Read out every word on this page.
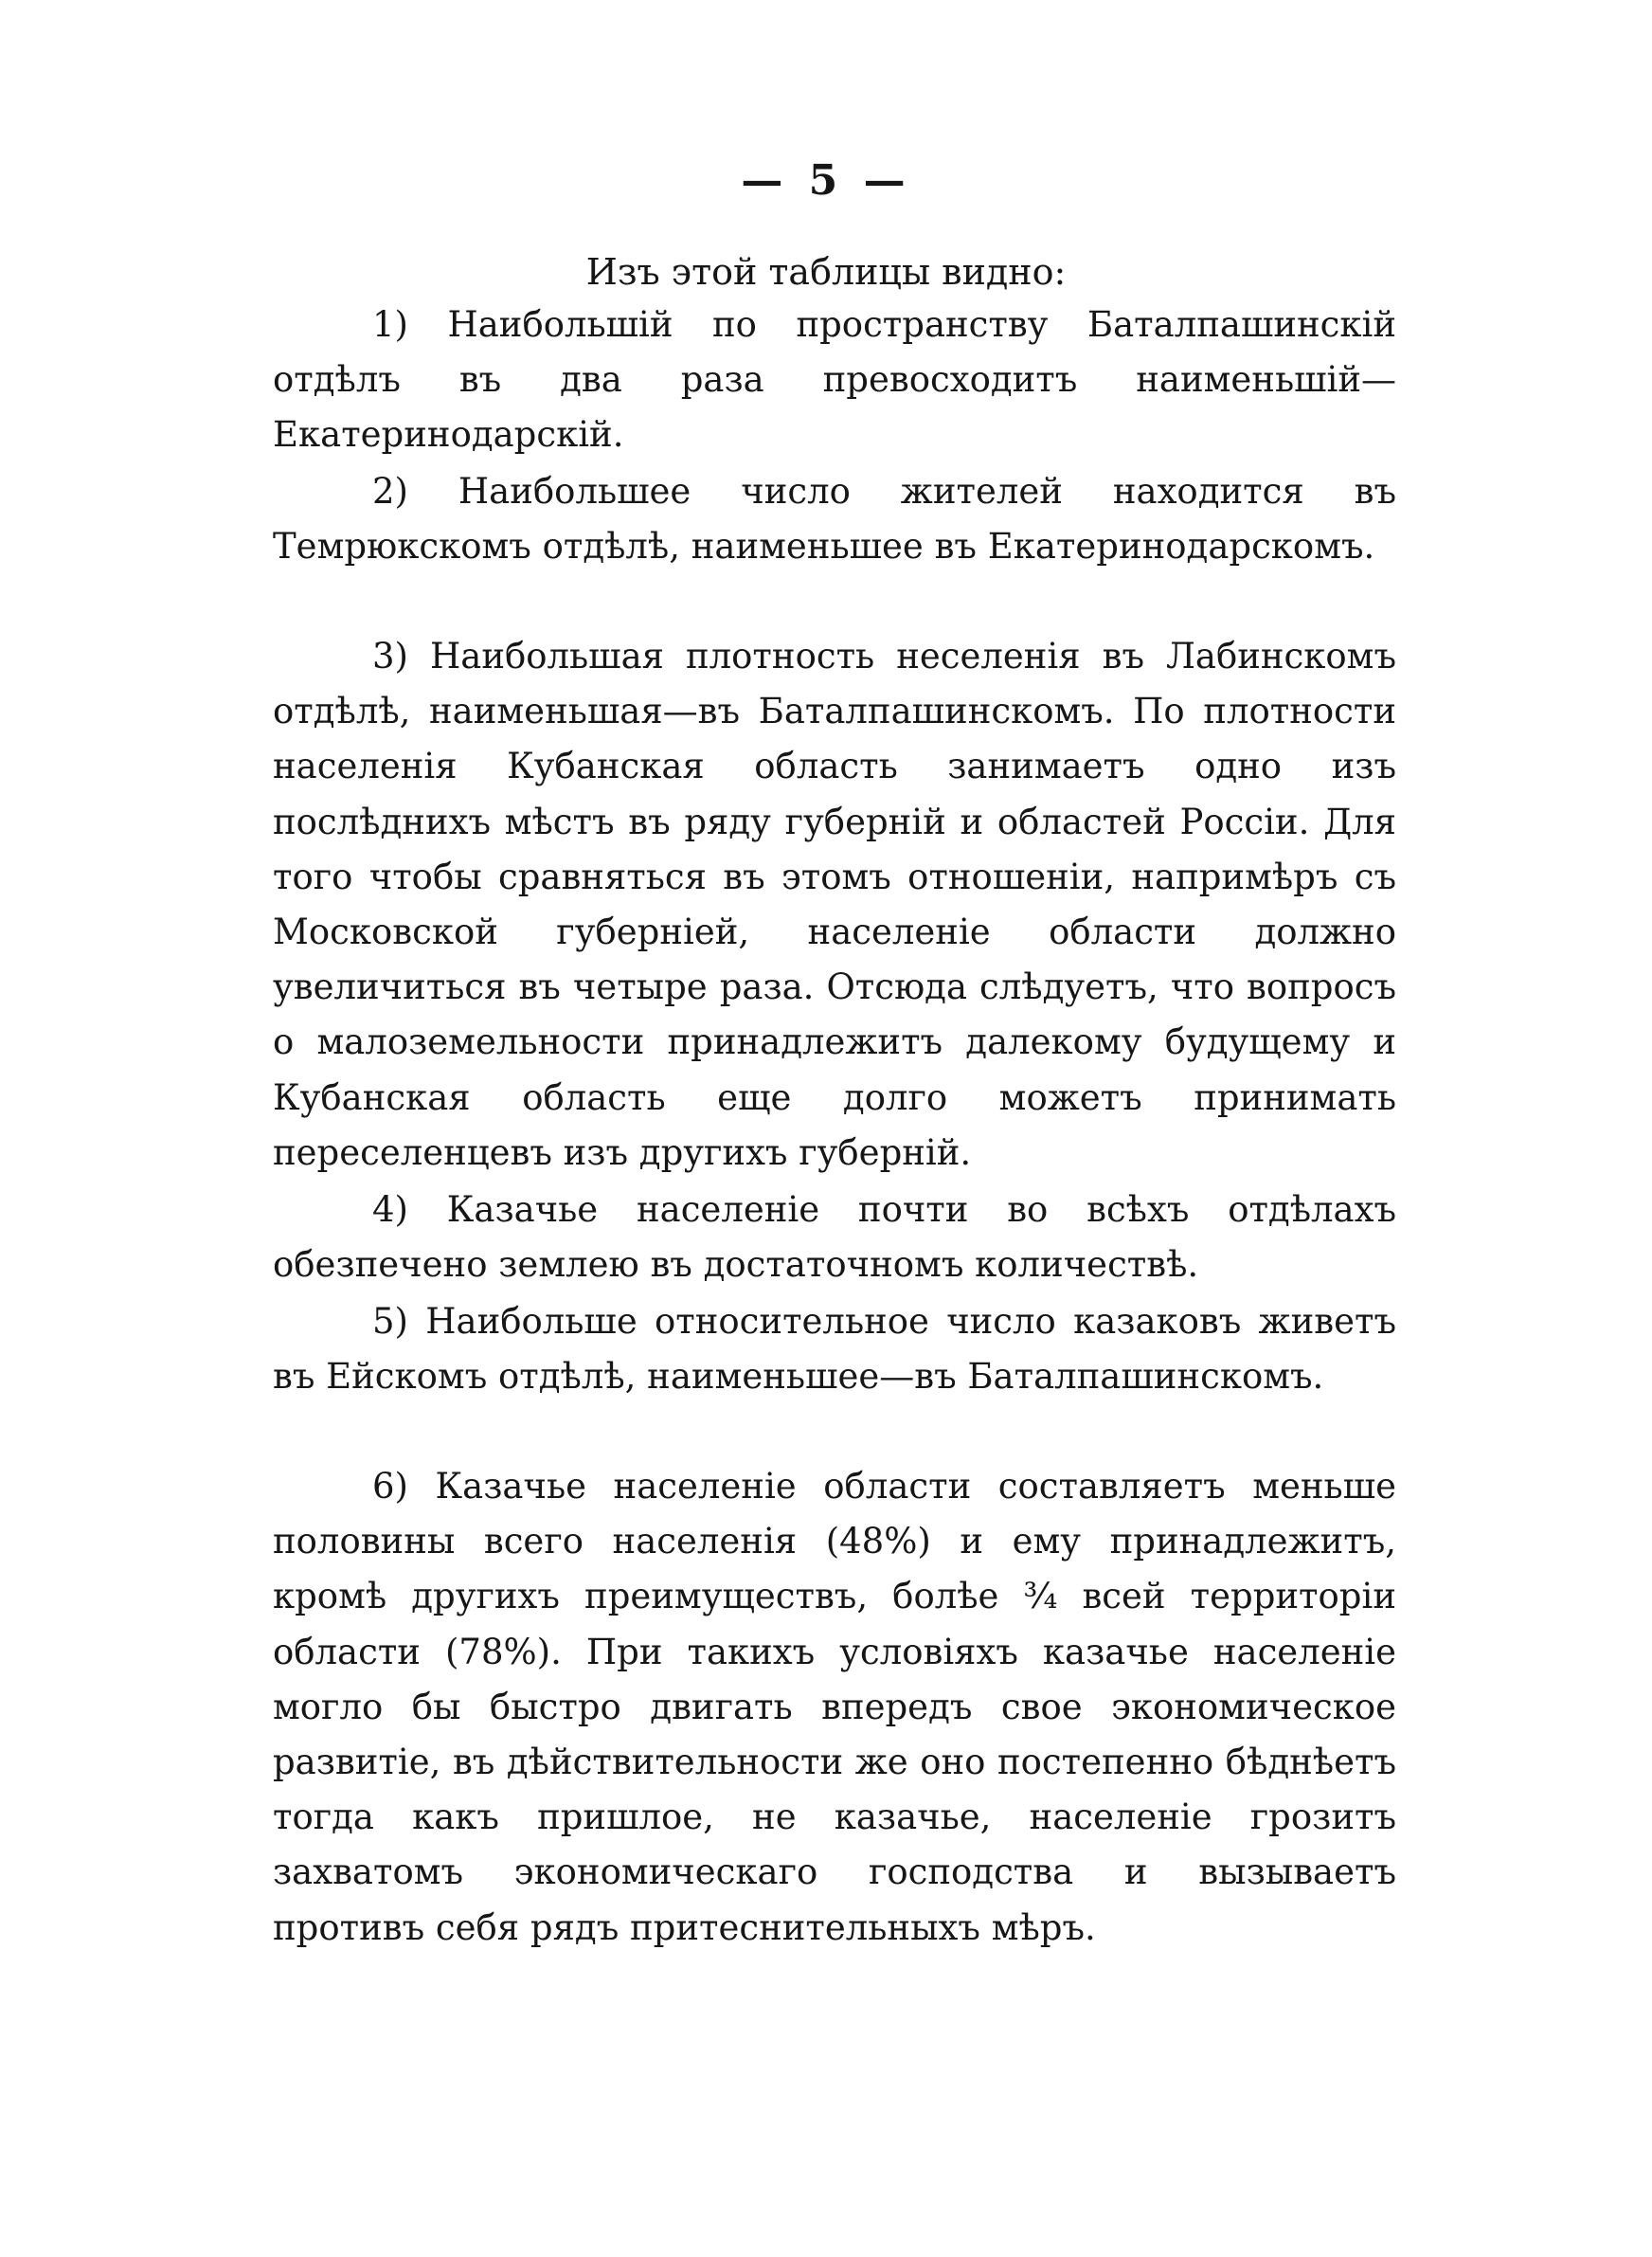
— 5 —
Изъ этой таблицы видно:

1) Наибольшiй по пространству Баталпашинскiй отдѣлъ въ два раза превосходитъ наименьшiй—Екатеринодарскiй.

2) Наибольшее число жителей находится въ Темрюкскомъ отдѣлѣ, наименьшее въ Екатеринодарскомъ.

3) Наибольшая плотность неселенiя въ Лабинскомъ отдѣлѣ, наименьшая—въ Баталпашинскомъ. По плотности населенiя Кубанская область занимаетъ одно изъ послѣднихъ мѣстъ въ ряду губернiй и областей Россiи. Для того чтобы сравняться въ этомъ отношенiи, напримѣръ съ Московской губернiей, населенiе области должно увеличиться въ четыре раза. Отсюда слѣдуетъ, что вопросъ о малоземельности принадлежитъ далекому будущему и Кубанская область еще долго можетъ принимать переселенцевъ изъ другихъ губернiй.

4) Казачье населенiе почти во всѣхъ отдѣлахъ обезпечено землею въ достаточномъ количествѣ.

5) Наибольше относительное число казаковъ живетъ въ Ейскомъ отдѣлѣ, наименьшее—въ Баталпашинскомъ.

6) Казачье населенiе области составляетъ меньше половины всего населенiя (48%) и ему принадлежитъ, кромѣ другихъ преимуществъ, болѣе ¾ всей территорiи области (78%). При такихъ условiяхъ казачье населенiе могло бы быстро двигать впередъ свое экономическое развитiе, въ дѣйствительности же оно постепенно бѣднѣетъ тогда какъ пришлое, не казачье, населенiе грозитъ захватомъ экономическаго господства и вызываетъ противъ себя рядъ притеснительныхъ мѣръ.
